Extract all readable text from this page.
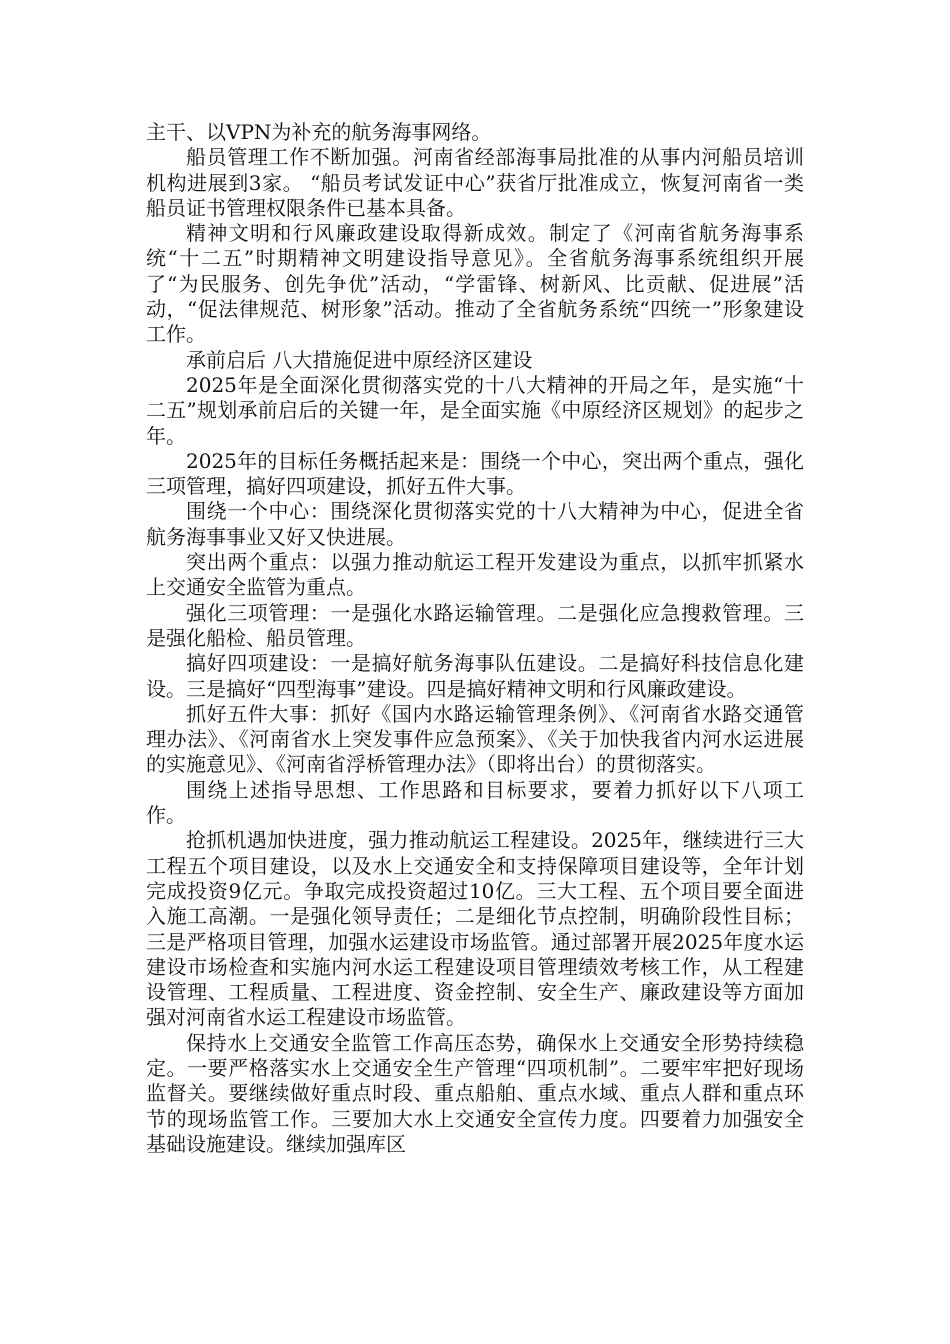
主干、以VPN为补充的航务海事网络。

船员管理工作不断加强。河南省经部海事局批准的从事内河船员培训机构进展到3家。 “船员考试发证中心”获省厅批准成立，恢复河南省一类船员证书管理权限条件已基本具备。

精神文明和行风廉政建设取得新成效。制定了《河南省航务海事系统“十二五”时期精神文明建设指导意见》。全省航务海事系统组织开展了“为民服务、创先争优”活动，“学雷锋、树新风、比贡献、促进展”活动，“促法律规范、树形象”活动。推动了全省航务系统“四统一”形象建设工作。

承前启后 八大措施促进中原经济区建设

2025年是全面深化贯彻落实党的十八大精神的开局之年，是实施“十二五”规划承前启后的关键一年，是全面实施《中原经济区规划》的起步之年。

2025年的目标任务概括起来是：围绕一个中心，突出两个重点，强化三项管理，搞好四项建设，抓好五件大事。

围绕一个中心：围绕深化贯彻落实党的十八大精神为中心，促进全省航务海事事业又好又快进展。

突出两个重点：以强力推动航运工程开发建设为重点，以抓牢抓紧水上交通安全监管为重点。

强化三项管理：一是强化水路运输管理。二是强化应急搜救管理。三是强化船检、船员管理。

搞好四项建设：一是搞好航务海事队伍建设。二是搞好科技信息化建设。三是搞好“四型海事”建设。四是搞好精神文明和行风廉政建设。

抓好五件大事：抓好《国内水路运输管理条例》、《河南省水路交通管理办法》、《河南省水上突发事件应急预案》、《关于加快我省内河水运进展的实施意见》、《河南省浮桥管理办法》（即将出台）的贯彻落实。

围绕上述指导思想、工作思路和目标要求，要着力抓好以下八项工作。

抢抓机遇加快进度，强力推动航运工程建设。2025年，继续进行三大工程五个项目建设，以及水上交通安全和支持保障项目建设等，全年计划完成投资9亿元。争取完成投资超过10亿。三大工程、五个项目要全面进入施工高潮。一是强化领导责任；二是细化节点控制，明确阶段性目标；三是严格项目管理，加强水运建设市场监管。通过部署开展2025年度水运建设市场检查和实施内河水运工程建设项目管理绩效考核工作，从工程建设管理、工程质量、工程进度、资金控制、安全生产、廉政建设等方面加强对河南省水运工程建设市场监管。

保持水上交通安全监管工作高压态势，确保水上交通安全形势持续稳定。一要严格落实水上交通安全生产管理“四项机制”。二要牢牢把好现场监督关。要继续做好重点时段、重点船舶、重点水域、重点人群和重点环节的现场监管工作。三要加大水上交通安全宣传力度。四要着力加强安全基础设施建设。继续加强库区
